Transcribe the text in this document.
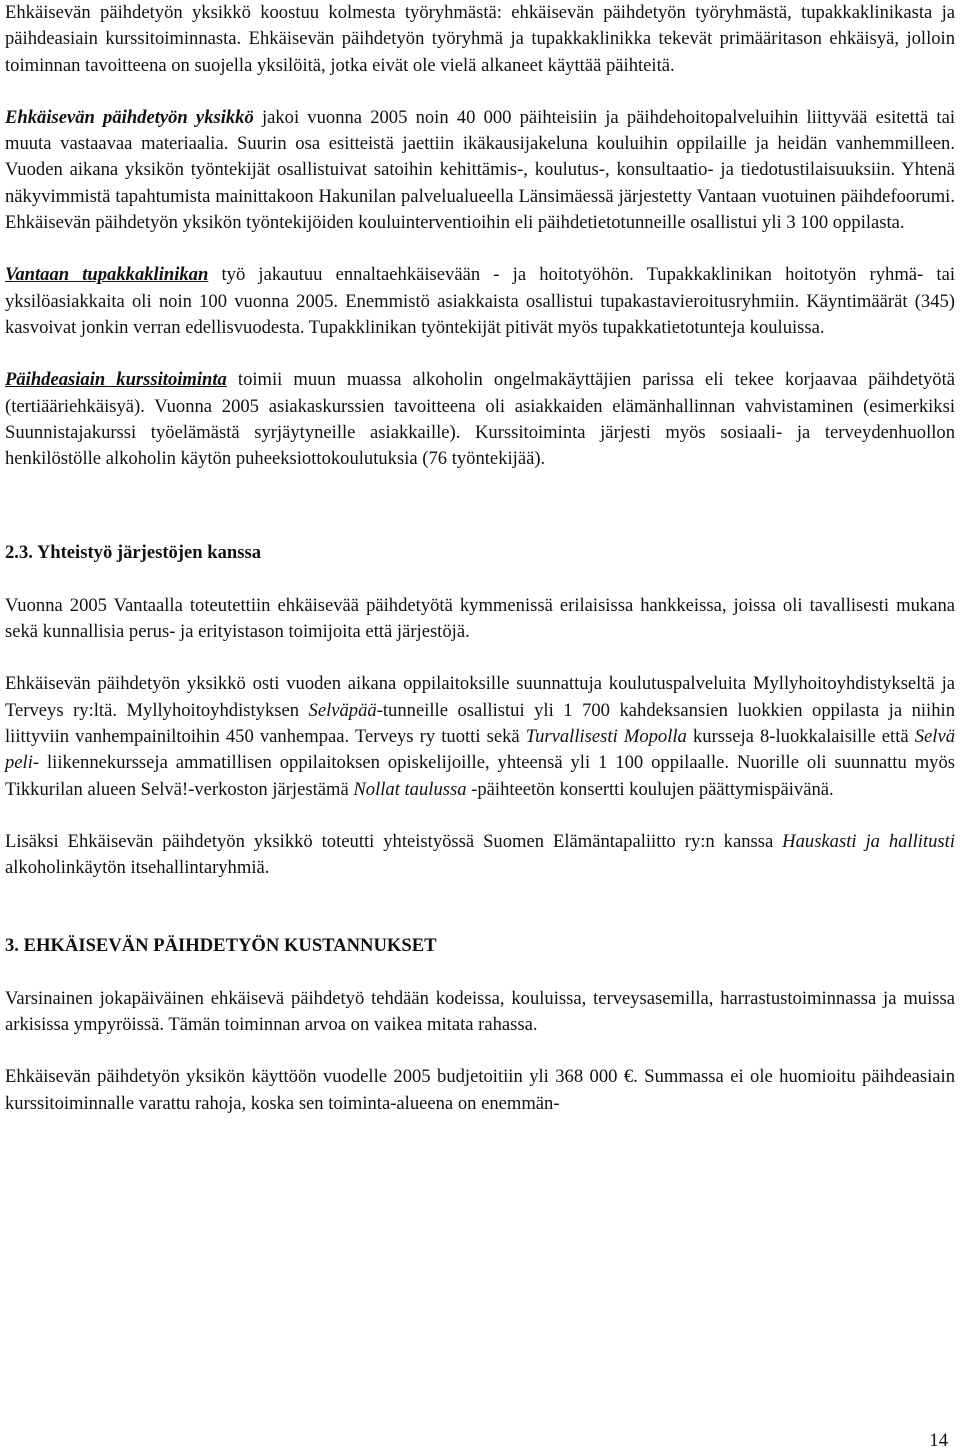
Ehkäisevän päihdetyön yksikkö koostuu kolmesta työryhmästä: ehkäisevän päihdetyön työryhmästä, tupakkaklinikasta ja päihdeasiain kurssitoiminnasta. Ehkäisevän päihdetyön työryhmä ja tupakkaklinikka tekevät primääritason ehkäisyä, jolloin toiminnan tavoitteena on suojella yksilöitä, jotka eivät ole vielä alkaneet käyttää päihteitä.

Ehkäisevän päihdetyön yksikkö jakoi vuonna 2005 noin 40 000 päihteisiin ja päihdehoitopalveluihin liittyvää esitettä tai muuta vastaavaa materiaalia. Suurin osa esitteistä jaettiin ikäkausijakeluna kouluihin oppilaille ja heidän vanhemmilleen. Vuoden aikana yksikön työntekijät osallistuivat satoihin kehittämis-, koulutus-, konsultaatio- ja tiedotustilaisuuksiin. Yhtenä näkyvimmistä tapahtumista mainittakoon Hakunilan palvelualueella Länsimäessä järjestetty Vantaan vuotuinen päihdefoorumi. Ehkäisevän päihdetyön yksikön työntekijöiden kouluinterventioihin eli päihdetietotunneille osallistui yli 3 100 oppilasta.

Vantaan tupakkaklinikan työ jakautuu ennaltaehkäisevään - ja hoitotyöhön. Tupakkaklinikan hoitotyön ryhmä- tai yksilöasiakkaita oli noin 100 vuonna 2005. Enemmistö asiakkaista osallistui tupakastavieroitusryhmiin. Käyntimäärät (345) kasvoivat jonkin verran edellisvuodesta. Tupakklinikan työntekijät pitivät myös tupakkatietotunteja kouluissa.

Päihdeasiain kurssitoiminta toimii muun muassa alkoholin ongelmakäyttäjien parissa eli tekee korjaavaa päihdetyötä (tertiääriehkäisyä). Vuonna 2005 asiakaskurssien tavoitteena oli asiakkaiden elämänhallinnan vahvistaminen (esimerkiksi Suunnistajakurssi työelämästä syrjäytyneille asiakkaille). Kurssitoiminta järjesti myös sosiaali- ja terveydenhuollon henkilöstölle alkoholin käytön puheeksiottokoulutuksia (76 työntekijää).

2.3. Yhteistyö järjestöjen kanssa

Vuonna 2005 Vantaalla toteutettiin ehkäisevää päihdetyötä kymmenissä erilaisissa hankkeissa, joissa oli tavallisesti mukana sekä kunnallisia perus- ja erityistason toimijoita että järjestöjä.

Ehkäisevän päihdetyön yksikkö osti vuoden aikana oppilaitoksille suunnattuja koulutuspalveluita Myllyhoitoyhdistykseltä ja Terveys ry:ltä. Myllyhoitoyhdistyksen Selväpää-tunneille osallistui yli 1 700 kahdeksansien luokkien oppilasta ja niihin liittyviin vanhempainiltoihin 450 vanhempaa. Terveys ry tuotti sekä Turvallisesti Mopolla kursseja 8-luokkalaisille että Selvä peli- liikennekursseja ammatillisen oppilaitoksen opiskelijoille, yhteensä yli 1 100 oppilaalle. Nuorille oli suunnattu myös Tikkurilan alueen Selvä!-verkoston järjestämä Nollat taulussa -päihteetön konsertti koulujen päättymispäivänä.

Lisäksi Ehkäisevän päihdetyön yksikkö toteutti yhteistyössä Suomen Elämäntapaliitto ry:n kanssa Hauskasti ja hallitusti alkoholinkäytön itsehallintaryhmiä.

3. EHKÄISEVÄN PÄIHDETYÖN KUSTANNUKSET

Varsinainen jokapäiväinen ehkäisevä päihdetyö tehdään kodeissa, kouluissa, terveysasemilla, harrastustoiminnassa ja muissa arkisissa ympyröissä. Tämän toiminnan arvoa on vaikea mitata rahassa.

Ehkäisevän päihdetyön yksikön käyttöön vuodelle 2005 budjetoitiin yli 368 000 €. Summassa ei ole huomioitu päihdeasiain kurssitoiminnalle varattu rahoja, koska sen toiminta-alueena on enemmän-

14
